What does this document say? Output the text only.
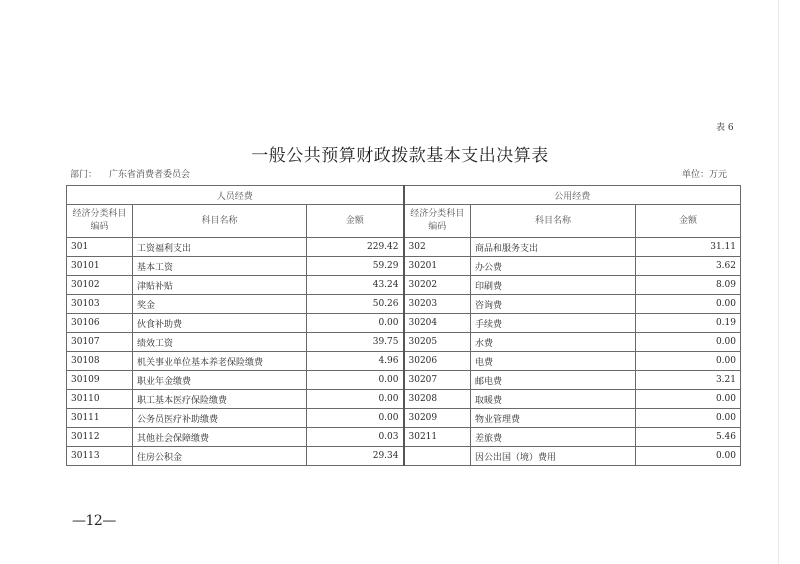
表 6
一般公共预算财政拨款基本支出决算表
部门： 广东省消费者委员会	单位：万元
人员经费			公用经费		
经济分类科目编码	科目名称	金额	经济分类科目编码	科目名称	金额
301	工资福利支出	229.42	302	商品和服务支出	31.11
30101	基本工资	59.29	30201	办公费	3.62
30102	津贴补贴	43.24	30202	印刷费	8.09
30103	奖金	50.26	30203	咨询费	0.00
30106	伙食补助费	0.00	30204	手续费	0.19
30107	绩效工资	39.75	30205	水费	0.00
30108	机关事业单位基本养老保险缴费	4.96	30206	电费	0.00
30109	职业年金缴费	0.00	30207	邮电费	3.21
30110	职工基本医疗保险缴费	0.00	30208	取暖费	0.00
30111	公务员医疗补助缴费	0.00	30209	物业管理费	0.00
30112	其他社会保障缴费	0.03	30211	差旅费	5.46
30113	住房公积金	29.34		因公出国（境）费用	0.00
—12—
